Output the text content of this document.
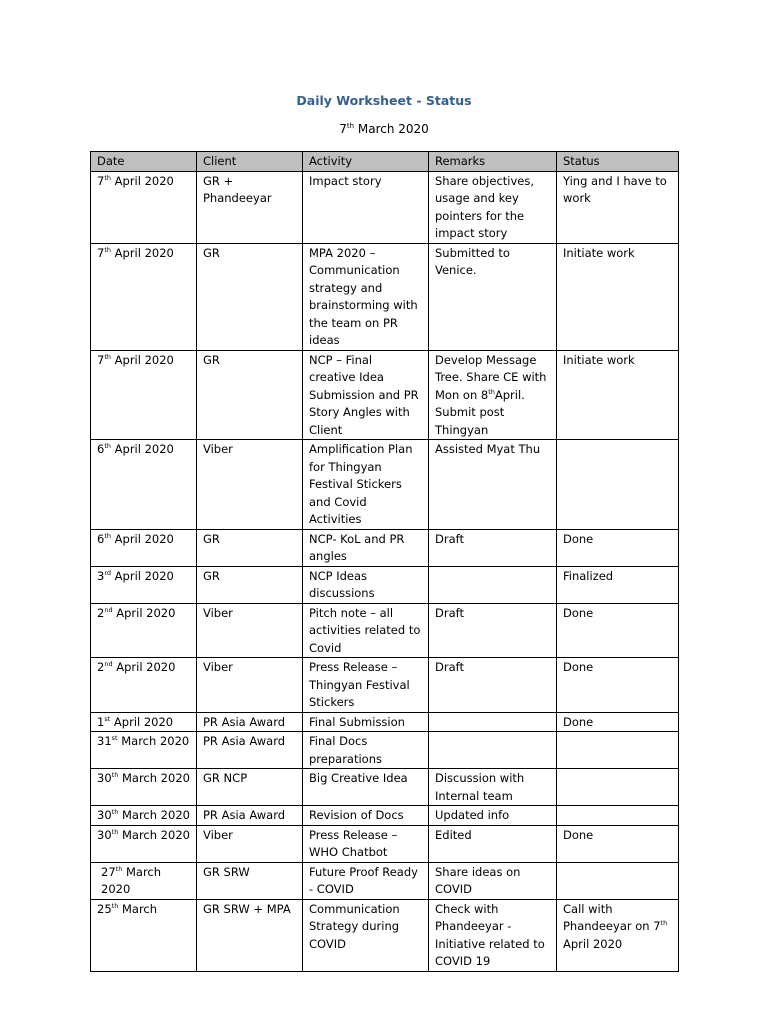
Daily Worksheet - Status
7th March 2020
Date	Client	Activity	Remarks	Status
7th April 2020	GR + Phandeeyar	Impact story	Share objectives, usage and key pointers for the impact story	Ying and I have to work
7th April 2020	GR	MPA 2020 – Communication strategy and brainstorming with the team on PR ideas	Submitted to Venice.	Initiate work
7th April 2020	GR	NCP – Final creative Idea Submission and PR Story Angles with Client	Develop Message Tree. Share CE with Mon on 8thApril. Submit post Thingyan	Initiate work
6th April 2020	Viber	Amplification Plan for Thingyan Festival Stickers and Covid Activities	Assisted Myat Thu	
6th April 2020	GR	NCP- KoL and PR angles	Draft	Done
3rd April 2020	GR	NCP Ideas discussions		Finalized
2nd April 2020	Viber	Pitch note – all activities related to Covid	Draft	Done
2nd April 2020	Viber	Press Release – Thingyan Festival Stickers	Draft	Done
1st April 2020	PR Asia Award	Final Submission		Done
31st March 2020	PR Asia Award	Final Docs preparations		
30th March 2020	GR NCP	Big Creative Idea	Discussion with Internal team	
30th March 2020	PR Asia Award	Revision of Docs	Updated info	
30th March 2020	Viber	Press Release – WHO Chatbot	Edited	Done
27th March 2020	GR SRW	Future Proof Ready - COVID	Share ideas on COVID	
25th March	GR SRW + MPA	Communication Strategy during COVID	Check with Phandeeyar - Initiative related to COVID 19	Call with Phandeeyar on 7th April 2020
